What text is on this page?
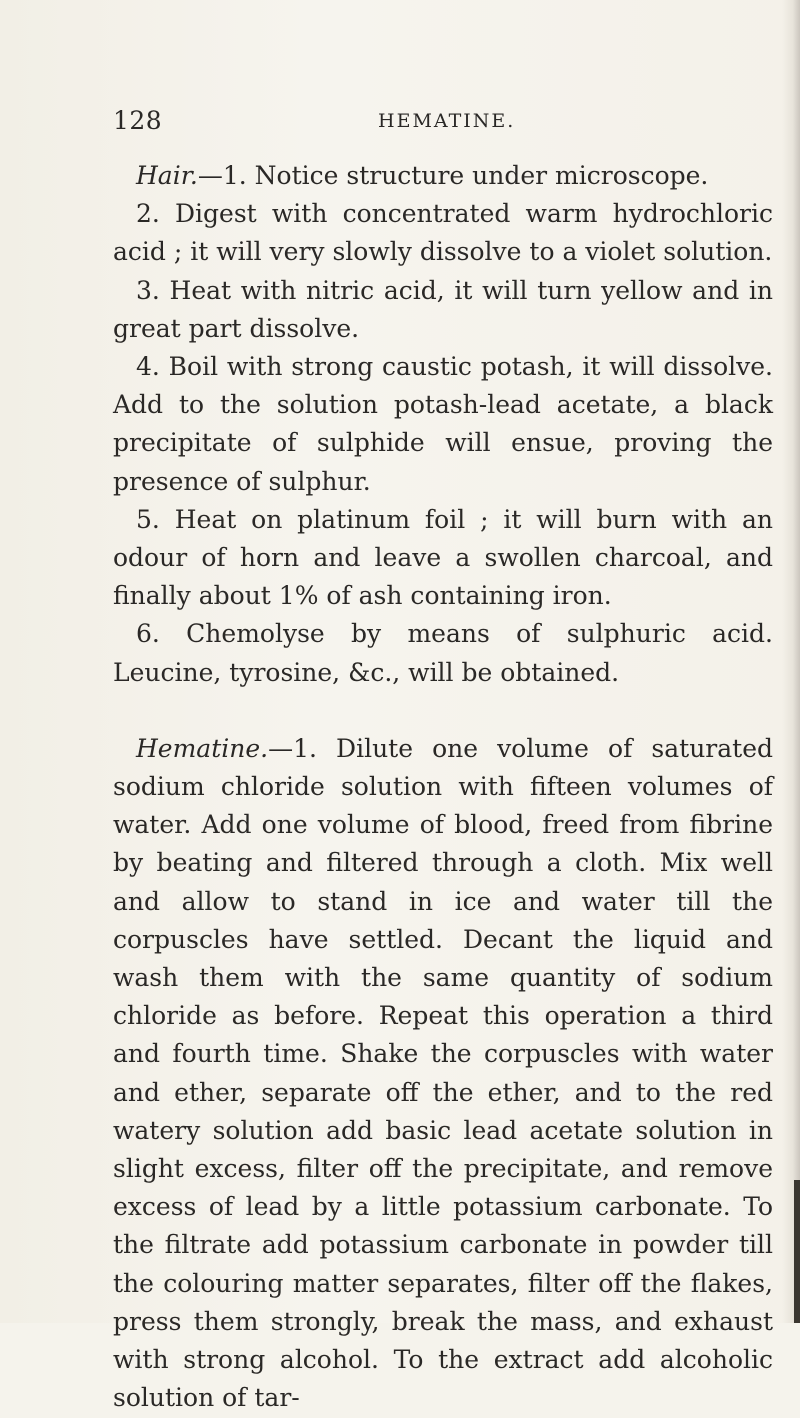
128	HEMATINE.

Hair.—1. Notice structure under microscope.

2. Digest with concentrated warm hydrochloric acid ; it will very slowly dissolve to a violet solution.

3. Heat with nitric acid, it will turn yellow and in great part dissolve.

4. Boil with strong caustic potash, it will dissolve. Add to the solution potash-lead acetate, a black precipitate of sulphide will ensue, proving the presence of sulphur.

5. Heat on platinum foil ; it will burn with an odour of horn and leave a swollen charcoal, and finally about 1% of ash containing iron.

6. Chemolyse by means of sulphuric acid. Leucine, tyrosine, &c., will be obtained.

Hematine.—1. Dilute one volume of saturated sodium chloride solution with fifteen volumes of water. Add one volume of blood, freed from fibrine by beating and filtered through a cloth. Mix well and allow to stand in ice and water till the corpuscles have settled. Decant the liquid and wash them with the same quantity of sodium chloride as before. Repeat this operation a third and fourth time. Shake the corpuscles with water and ether, separate off the ether, and to the red watery solution add basic lead acetate solution in slight excess, filter off the precipitate, and remove excess of lead by a little potassium carbonate. To the filtrate add potassium carbonate in powder till the colouring matter separates, filter off the flakes, press them strongly, break the mass, and exhaust with strong alcohol. To the extract add alcoholic solution of tar-
